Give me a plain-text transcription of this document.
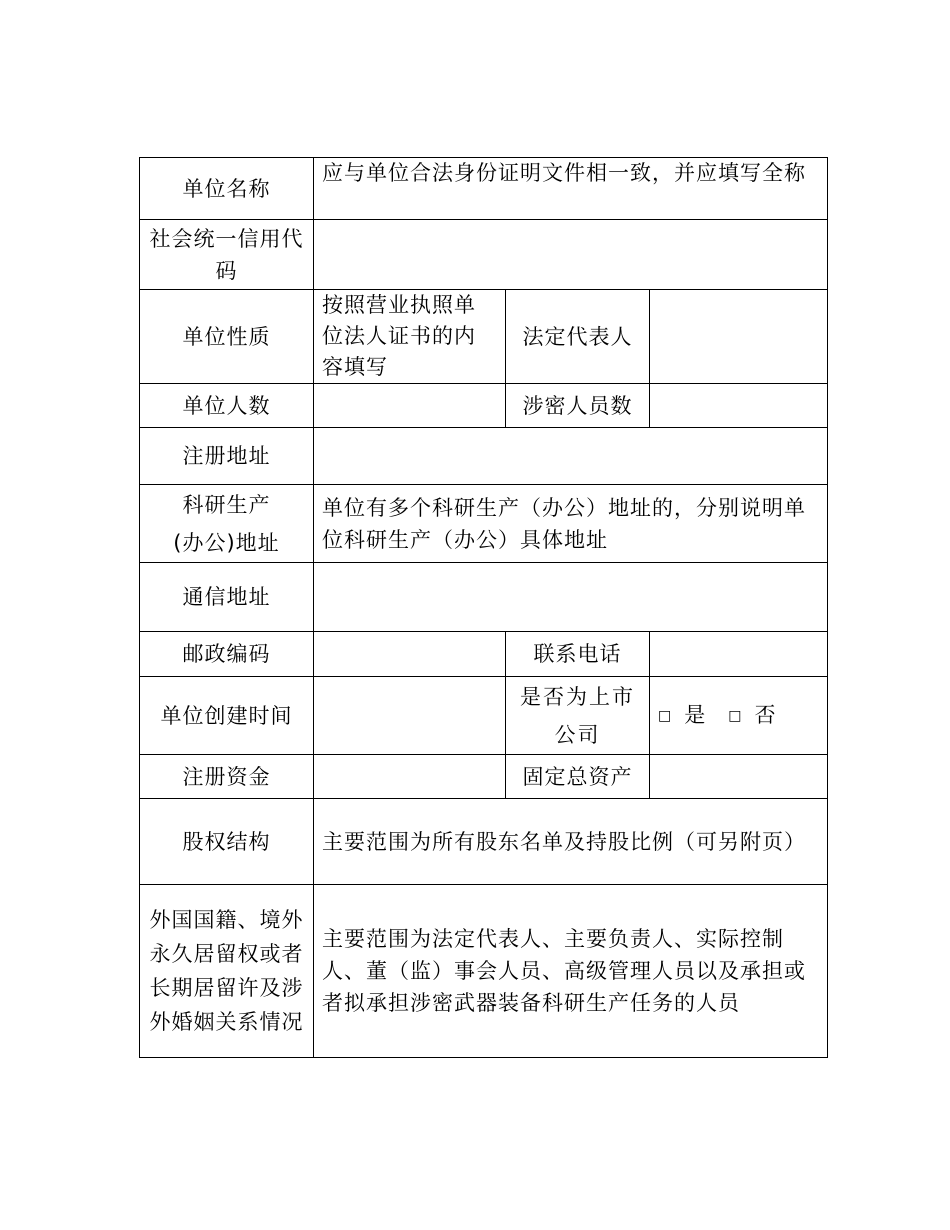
单位名称	应与单位合法身份证明文件相一致，并应填写全称		
社会统一信用代码			
单位性质	按照营业执照单位法人证书的内容填写	法定代表人	
单位人数		涉密人员数	
注册地址			

科研生产
(办公)地址	单位有多个科研生产（办公）地址的，分别说明单位科研生产（办公）具体地址		
通信地址			
邮政编码		联系电话	
单位创建时间		是否为上市公司	□ 是 □ 否
注册资金		固定总资产	
股权结构	主要范围为所有股东名单及持股比例（可另附页）		
外国国籍、境外永久居留权或者长期居留许及涉外婚姻关系情况	主要范围为法定代表人、主要负责人、实际控制人、董（监）事会人员、高级管理人员以及承担或者拟承担涉密武器装备科研生产任务的人员		
